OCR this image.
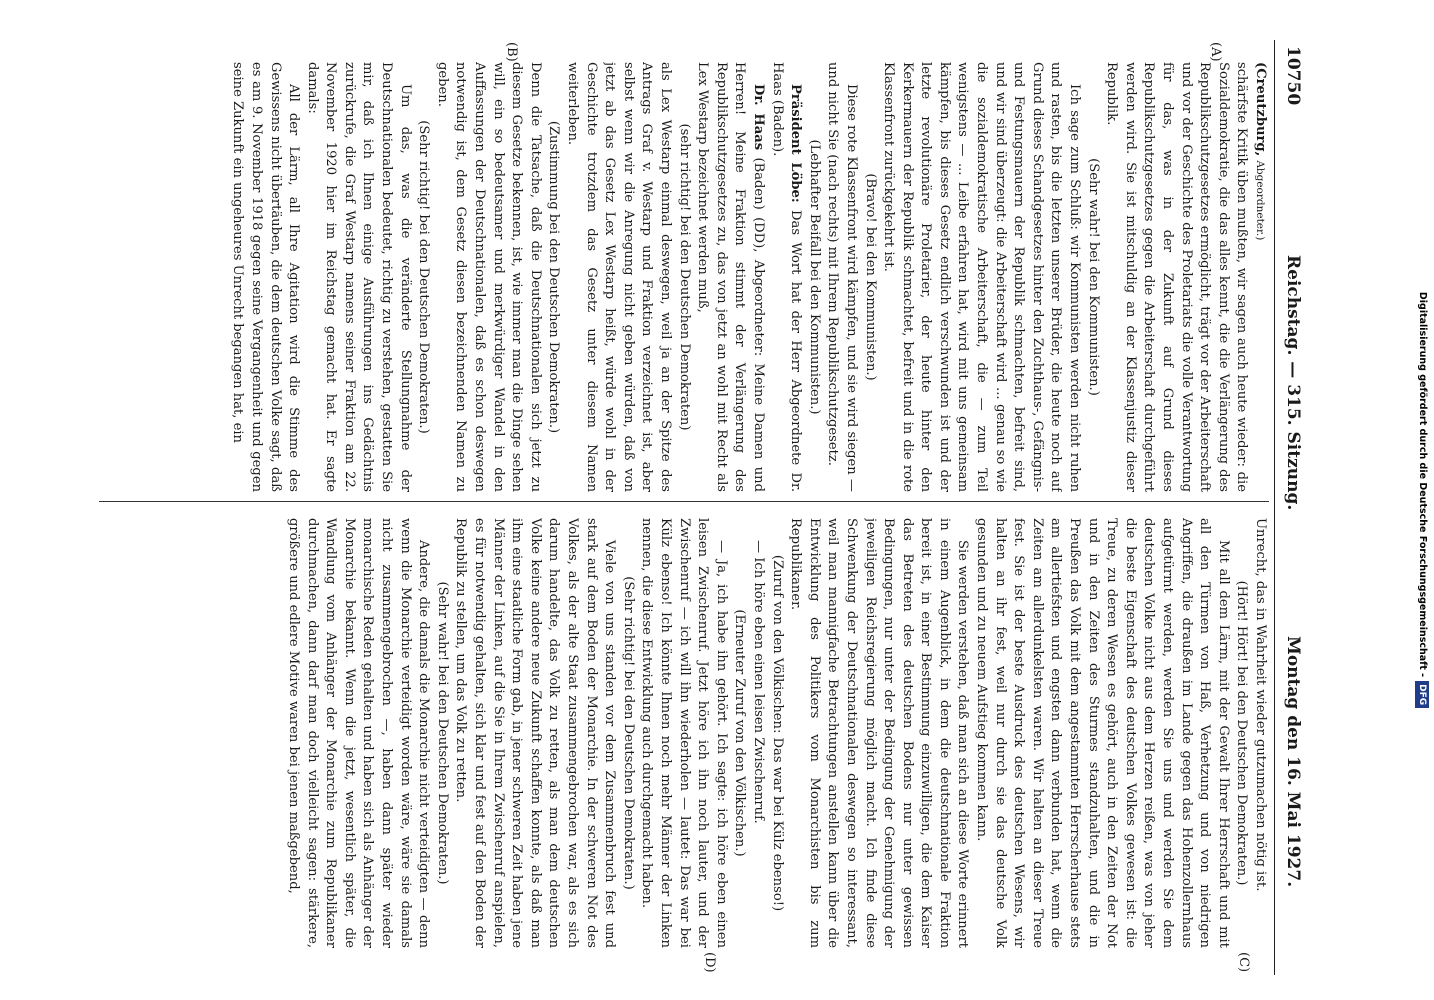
10750
Reichstag. — 315. Sitzung.
Montag den 16. Mai 1927.
(A)
(B)
(C)
(D)

(Creutzburg, Abgeordneter.)

schärfste Kritik üben mußten, wir sagen auch heute wieder: die Sozialdemokratie, die das alles kennt, die die Verlängerung des Republikschutzgesetzes ermöglicht, trägt vor der Arbeiterschaft und vor der Geschichte des Proletariats die volle Verantwortung für das, was in der Zukunft auf Grund dieses Republikschutzgesetzes gegen die Arbeiterschaft durchgeführt werden wird. Sie ist mitschuldig an der Klassenjustiz dieser Republik.

(Sehr wahr! bei den Kommunisten.)

Ich sage zum Schluß: wir Kommunisten werden nicht ruhen und rasten, bis die letzten unserer Brüder, die heute noch auf Grund dieses Schandgesetzes hinter den Zuchthaus-, Gefängnis- und Festungsmauern der Republik schmachten, befreit sind, und wir sind überzeugt: die Arbeiterschaft wird ... genau so wie die sozialdemokratische Arbeiterschaft, die — zum Teil wenigstens — ... Leibe erfahren hat, wird mit uns gemeinsam kämpfen, bis dieses Gesetz endlich verschwunden ist und der letzte revolutionäre Proletarier, der heute hinter den Kerkermauern der Republik schmachtet, befreit und in die rote Klassenfront zurückgekehrt ist.

(Bravo! bei den Kommunisten.)

Diese rote Klassenfront wird kämpfen, und sie wird siegen — und nicht Sie (nach rechts) mit Ihrem Republikschutzgesetz.

(Lebhafter Beifall bei den Kommunisten.)

Präsident Löbe: Das Wort hat der Herr Abgeordnete Dr. Haas (Baden).

Dr. Haas (Baden) (DD), Abgeordneter: Meine Damen und Herren! Meine Fraktion stimmt der Verlängerung des Republikschutzgesetzes zu, das von jetzt an wohl mit Recht als Lex Westarp bezeichnet werden muß,

(sehr richtig! bei den Deutschen Demokraten)

als Lex Westarp einmal deswegen, weil ja an der Spitze des Antrags Graf v. Westarp und Fraktion verzeichnet ist, aber selbst wenn wir die Anregung nicht geben würden, daß von jetzt ab das Gesetz Lex Westarp heißt, würde wohl in der Geschichte trotzdem das Gesetz unter diesem Namen weiterleben.

(Zustimmung bei den Deutschen Demokraten.)

Denn die Tatsache, daß die Deutschnationalen sich jetzt zu diesem Gesetze bekennen, ist, wie immer man die Dinge sehen will, ein so bedeutsamer und merkwürdiger Wandel in den Auffassungen der Deutschnationalen, daß es schon deswegen notwendig ist, dem Gesetz diesen bezeichnenden Namen zu geben.

(Sehr richtig! bei den Deutschen Demokraten.)

Um das, was die veränderte Stellungnahme der Deutschnationalen bedeutet, richtig zu verstehen, gestatten Sie mir, daß ich Ihnen einige Ausführungen ins Gedächtnis zurückrufe, die Graf Westarp namens seiner Fraktion am 22. November 1920 hier im Reichstag gemacht hat. Er sagte damals:

All der Lärm, all Ihre Agitation wird die Stimme des Gewissens nicht übertäuben, die dem deutschen Volke sagt, daß es am 9. November 1918 gegen seine Vergangenheit und gegen seine Zukunft ein ungeheures Unrecht begangen hat, ein

Unrecht, das in Wahrheit wieder gutzumachen nötig ist.

(Hört! Hört! bei den Deutschen Demokraten.)

Mit all dem Lärm, mit der Gewalt Ihrer Herrschaft und mit all den Türmen von Haß, Verhetzung und von niedrigen Angriffen, die draußen im Lande gegen das Hohenzollernhaus aufgetürmt werden, werden Sie uns und werden Sie dem deutschen Volke nicht aus dem Herzen reißen, was von jeher die beste Eigenschaft des deutschen Volkes gewesen ist: die Treue, zu deren Wesen es gehört, auch in den Zeiten der Not und in den Zeiten des Sturmes standzuhalten, und die in Preußen das Volk mit dem angestammten Herrscherhause stets am allertiefsten und engsten dann verbunden hat, wenn die Zeiten am allerdunkelsten waren. Wir halten an dieser Treue fest. Sie ist der beste Ausdruck des deutschen Wesens, wir halten an ihr fest, weil nur durch sie das deutsche Volk gesunden und zu neuem Aufstieg kommen kann.

Sie werden verstehen, daß man sich an diese Worte erinnert in einem Augenblick, in dem die deutschnationale Fraktion bereit ist, in einer Bestimmung einzuwilligen, die dem Kaiser das Betreten des deutschen Bodens nur unter gewissen Bedingungen, nur unter der Bedingung der Genehmigung der jeweiligen Reichsregierung möglich macht. Ich finde diese Schwenkung der Deutschnationalen deswegen so interessant, weil man mannigfache Betrachtungen anstellen kann über die Entwicklung des Politikers vom Monarchisten bis zum Republikaner.

(Zuruf von den Völkischen: Das war bei Külz ebenso!)

— Ich höre eben einen leisen Zwischenruf.

(Erneuter Zuruf von den Völkischen.)

— Ja, ich habe ihn gehört. Ich sagte: ich höre eben einen leisen Zwischenruf. Jetzt höre ich ihn noch lauter, und der Zwischenruf — ich will ihn wiederholen — lautet: Das war bei Külz ebenso! Ich könnte Ihnen noch mehr Männer der Linken nennen, die diese Entwicklung auch durchgemacht haben.

(Sehr richtig! bei den Deutschen Demokraten.)

Viele von uns standen vor dem Zusammenbruch fest und stark auf dem Boden der Monarchie. In der schweren Not des Volkes, als der alte Staat zusammengebrochen war, als es sich darum handelte, das Volk zu retten, als man dem deutschen Volke keine andere neue Zukunft schaffen konnte, als daß man ihm eine staatliche Form gab, in jener schweren Zeit haben jene Männer der Linken, auf die Sie in Ihrem Zwischenruf anspielen, es für notwendig gehalten, sich klar und fest auf den Boden der Republik zu stellen, um das Volk zu retten.

(Sehr wahr! bei den Deutschen Demokraten.)

Andere, die damals die Monarchie nicht verteidigten — denn wenn die Monarchie verteidigt worden wäre, wäre sie damals nicht zusammengebrochen —, haben dann später wieder monarchische Reden gehalten und haben sich als Anhänger der Monarchie bekannt. Wenn die jetzt, wesentlich später, die Wandlung vom Anhänger der Monarchie zum Republikaner durchmachen, dann darf man doch vielleicht sagen: stärkere, größere und edlere Motive waren bei jenen maßgebend,

Digitalisierung gefördert durch die Deutsche Forschungsgemeinschaft -DFG
